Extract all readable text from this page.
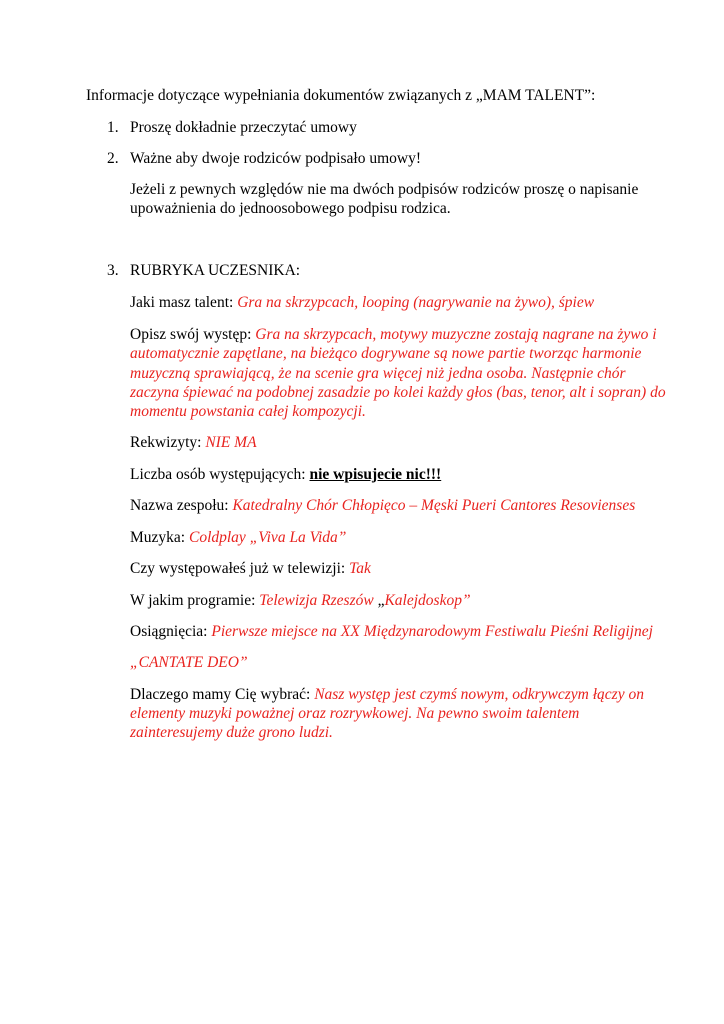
Informacje dotyczące wypełniania dokumentów związanych z „MAM TALENT”:
1. Proszę dokładnie przeczytać umowy
2. Ważne aby dwoje rodziców podpisało umowy!
Jeżeli z pewnych względów nie ma dwóch podpisów rodziców proszę o napisanie
upoważnienia do jednoosobowego podpisu rodzica.
3. RUBRYKA UCZESNIKA:
Jaki masz talent: Gra na skrzypcach, looping (nagrywanie na żywo), śpiew
Opisz swój występ: Gra na skrzypcach, motywy muzyczne zostają nagrane na żywo i
automatycznie zapętlane, na bieżąco dogrywane są nowe partie tworząc harmonie
muzyczną sprawiającą, że na scenie gra więcej niż jedna osoba. Następnie chór
zaczyna śpiewać na podobnej zasadzie po kolei każdy głos (bas, tenor, alt i sopran) do
momentu powstania całej kompozycji.
Rekwizyty: NIE MA
Liczba osób występujących: nie wpisujecie nic!!!
Nazwa zespołu: Katedralny Chór Chłopięco – Męski Pueri Cantores Resovienses
Muzyka: Coldplay „Viva La Vida”
Czy występowałeś już w telewizji: Tak
W jakim programie: Telewizja Rzeszów „Kalejdoskop”
Osiągnięcia: Pierwsze miejsce na XX Międzynarodowym Festiwalu Pieśni Religijnej
„CANTATE DEO”
Dlaczego mamy Cię wybrać: Nasz występ jest czymś nowym, odkrywczym łączy on
elementy muzyki poważnej oraz rozrywkowej. Na pewno swoim talentem
zainteresujemy duże grono ludzi.
